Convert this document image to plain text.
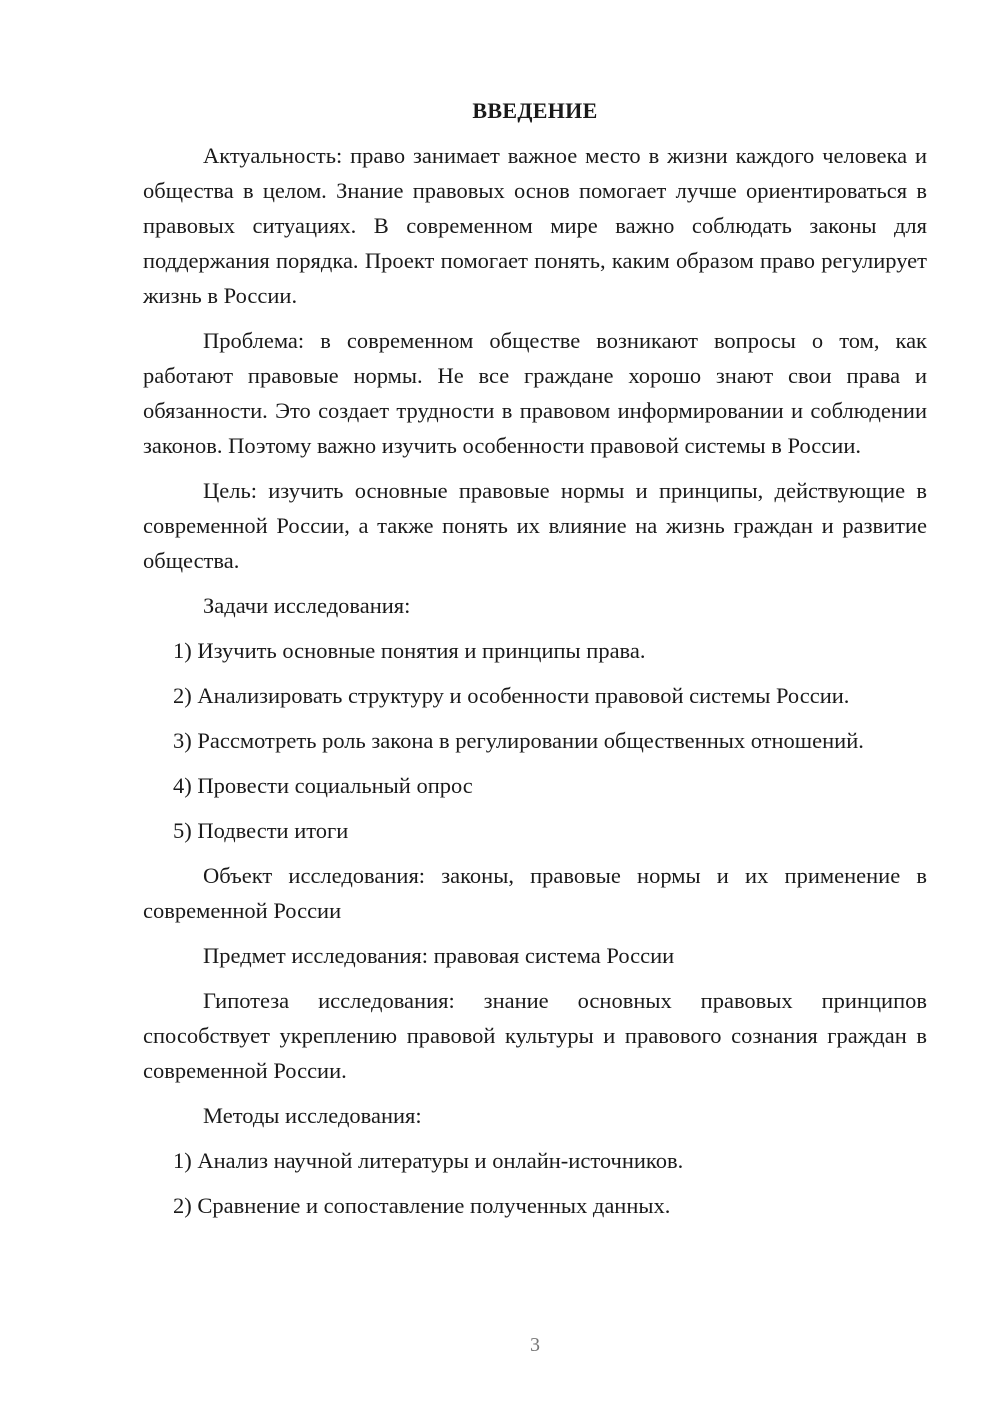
ВВЕДЕНИЕ

Актуальность: право занимает важное место в жизни каждого человека и общества в целом. Знание правовых основ помогает лучше ориентироваться в правовых ситуациях. В современном мире важно соблюдать законы для поддержания порядка. Проект помогает понять, каким образом право регулирует жизнь в России.

Проблема: в современном обществе возникают вопросы о том, как работают правовые нормы. Не все граждане хорошо знают свои права и обязанности. Это создает трудности в правовом информировании и соблюдении законов. Поэтому важно изучить особенности правовой системы в России.

Цель: изучить основные правовые нормы и принципы, действующие в современной России, а также понять их влияние на жизнь граждан и развитие общества.

Задачи исследования:

1) Изучить основные понятия и принципы права.

2) Анализировать структуру и особенности правовой системы России.

3) Рассмотреть роль закона в регулировании общественных отношений.

4) Провести социальный опрос

5) Подвести итоги

Объект исследования: законы, правовые нормы и их применение в современной России

Предмет исследования: правовая система России

Гипотеза исследования: знание основных правовых принципов способствует укреплению правовой культуры и правового сознания граждан в современной России.

Методы исследования:

1) Анализ научной литературы и онлайн-источников.

2) Сравнение и сопоставление полученных данных.

3
